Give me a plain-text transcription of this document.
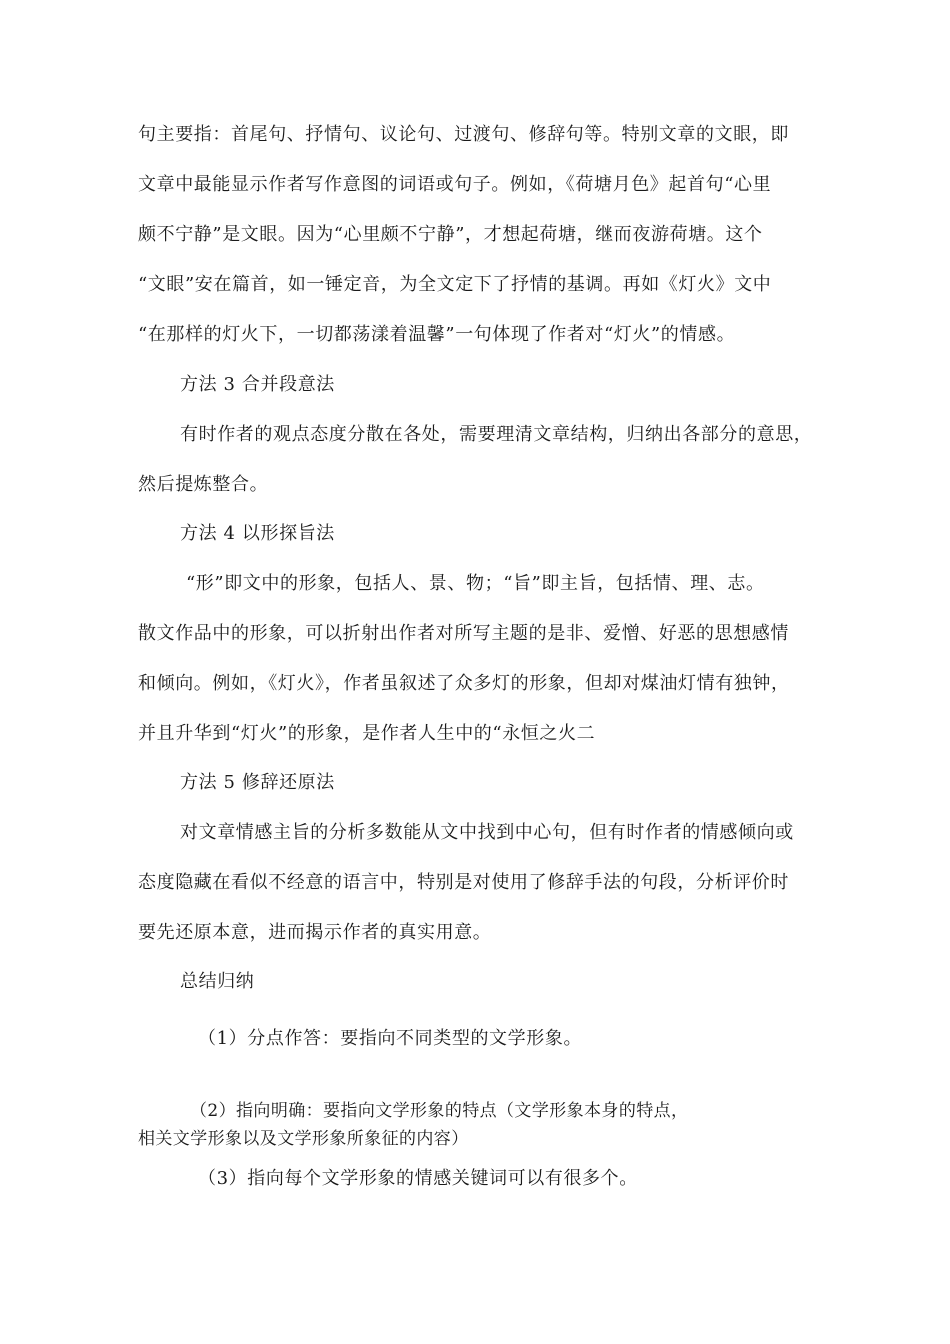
句主要指：首尾句、抒情句、议论句、过渡句、修辞句等。特别文章的文眼，即
文章中最能显示作者写作意图的词语或句子。例如，《荷塘月色》起首句“心里
颇不宁静”是文眼。因为“心里颇不宁静”，才想起荷塘，继而夜游荷塘。这个
“文眼”安在篇首，如一锤定音，为全文定下了抒情的基调。再如《灯火》文中
“在那样的灯火下，一切都荡漾着温馨”一句体现了作者对“灯火”的情感。
方法 3 合并段意法
有时作者的观点态度分散在各处，需要理清文章结构，归纳出各部分的意思，
然后提炼整合。
方法 4 以形探旨法
“形”即文中的形象，包括人、景、物；“旨”即主旨，包括情、理、志。
散文作品中的形象，可以折射出作者对所写主题的是非、爱憎、好恶的思想感情
和倾向。例如，《灯火》，作者虽叙述了众多灯的形象，但却对煤油灯情有独钟，
并且升华到“灯火”的形象，是作者人生中的“永恒之火二
方法 5 修辞还原法
对文章情感主旨的分析多数能从文中找到中心句，但有时作者的情感倾向或
态度隐藏在看似不经意的语言中，特别是对使用了修辞手法的句段，分析评价时
要先还原本意，进而揭示作者的真实用意。
总结归纳
（1）分点作答：要指向不同类型的文学形象。
（2）指向明确：要指向文学形象的特点（文学形象本身的特点，
相关文学形象以及文学形象所象征的内容）
（3）指向每个文学形象的情感关键词可以有很多个。
